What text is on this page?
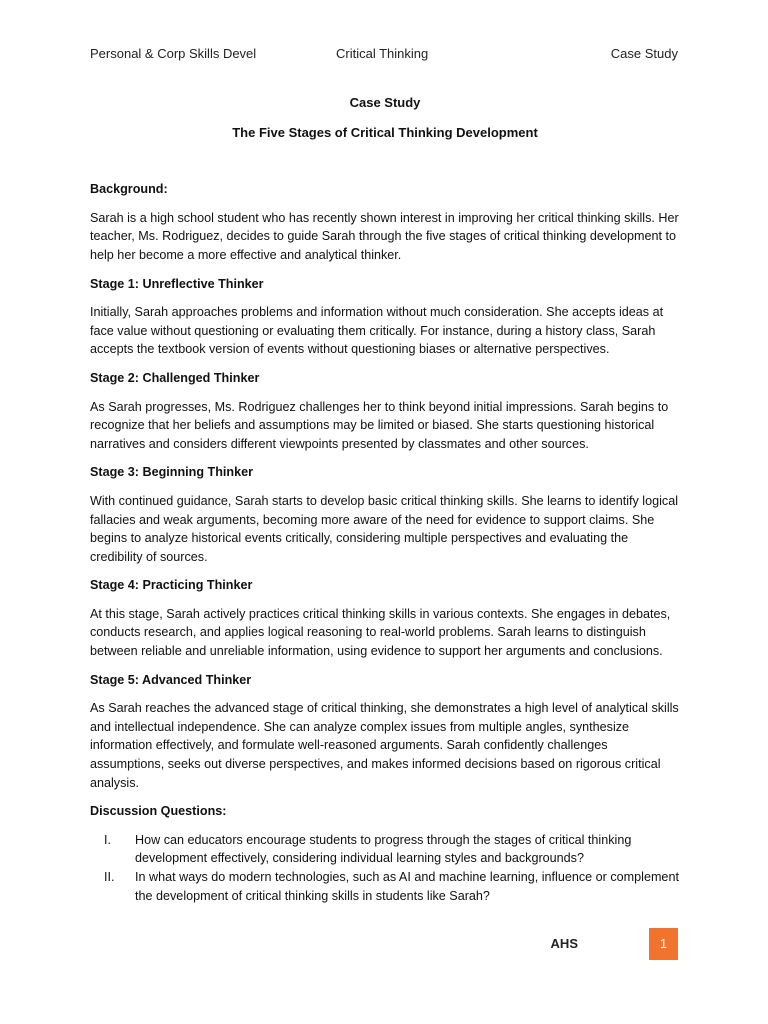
Personal & Corp Skills Devel	Critical Thinking	Case Study

Case Study

The Five Stages of Critical Thinking Development

Background:

Sarah is a high school student who has recently shown interest in improving her critical thinking skills. Her teacher, Ms. Rodriguez, decides to guide Sarah through the five stages of critical thinking development to help her become a more effective and analytical thinker.

Stage 1: Unreflective Thinker

Initially, Sarah approaches problems and information without much consideration. She accepts ideas at face value without questioning or evaluating them critically. For instance, during a history class, Sarah accepts the textbook version of events without questioning biases or alternative perspectives.

Stage 2: Challenged Thinker

As Sarah progresses, Ms. Rodriguez challenges her to think beyond initial impressions. Sarah begins to recognize that her beliefs and assumptions may be limited or biased. She starts questioning historical narratives and considers different viewpoints presented by classmates and other sources.

Stage 3: Beginning Thinker

With continued guidance, Sarah starts to develop basic critical thinking skills. She learns to identify logical fallacies and weak arguments, becoming more aware of the need for evidence to support claims. She begins to analyze historical events critically, considering multiple perspectives and evaluating the credibility of sources.

Stage 4: Practicing Thinker

At this stage, Sarah actively practices critical thinking skills in various contexts. She engages in debates, conducts research, and applies logical reasoning to real-world problems. Sarah learns to distinguish between reliable and unreliable information, using evidence to support her arguments and conclusions.

Stage 5: Advanced Thinker

As Sarah reaches the advanced stage of critical thinking, she demonstrates a high level of analytical skills and intellectual independence. She can analyze complex issues from multiple angles, synthesize information effectively, and formulate well-reasoned arguments. Sarah confidently challenges assumptions, seeks out diverse perspectives, and makes informed decisions based on rigorous critical analysis.

Discussion Questions:

I. How can educators encourage students to progress through the stages of critical thinking development effectively, considering individual learning styles and backgrounds?
II. In what ways do modern technologies, such as AI and machine learning, influence or complement the development of critical thinking skills in students like Sarah?
AHS	1
